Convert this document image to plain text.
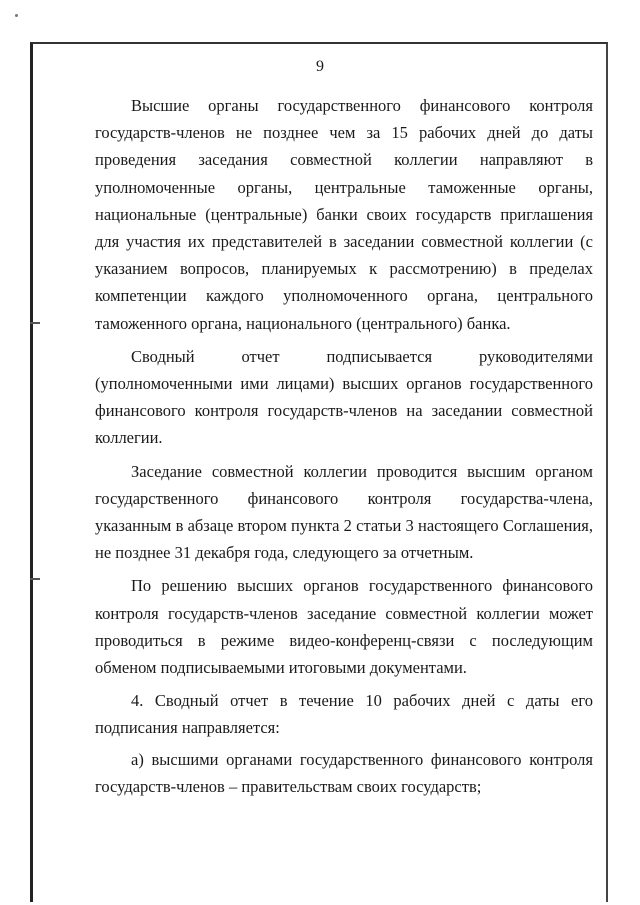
9

Высшие органы государственного финансового контроля государств-членов не позднее чем за 15 рабочих дней до даты проведения заседания совместной коллегии направляют в уполномоченные органы, центральные таможенные органы, национальные (центральные) банки своих государств приглашения для участия их представителей в заседании совместной коллегии (с указанием вопросов, планируемых к рассмотрению) в пределах компетенции каждого уполномоченного органа, центрального таможенного органа, национального (центрального) банка.

Сводный отчет подписывается руководителями (уполномоченными ими лицами) высших органов государственного финансового контроля государств-членов на заседании совместной коллегии.

Заседание совместной коллегии проводится высшим органом государственного финансового контроля государства-члена, указанным в абзаце втором пункта 2 статьи 3 настоящего Соглашения, не позднее 31 декабря года, следующего за отчетным.

По решению высших органов государственного финансового контроля государств-членов заседание совместной коллегии может проводиться в режиме видео-конференц-связи с последующим обменом подписываемыми итоговыми документами.

4. Сводный отчет в течение 10 рабочих дней с даты его подписания направляется:

а) высшими органами государственного финансового контроля государств-членов – правительствам своих государств;
